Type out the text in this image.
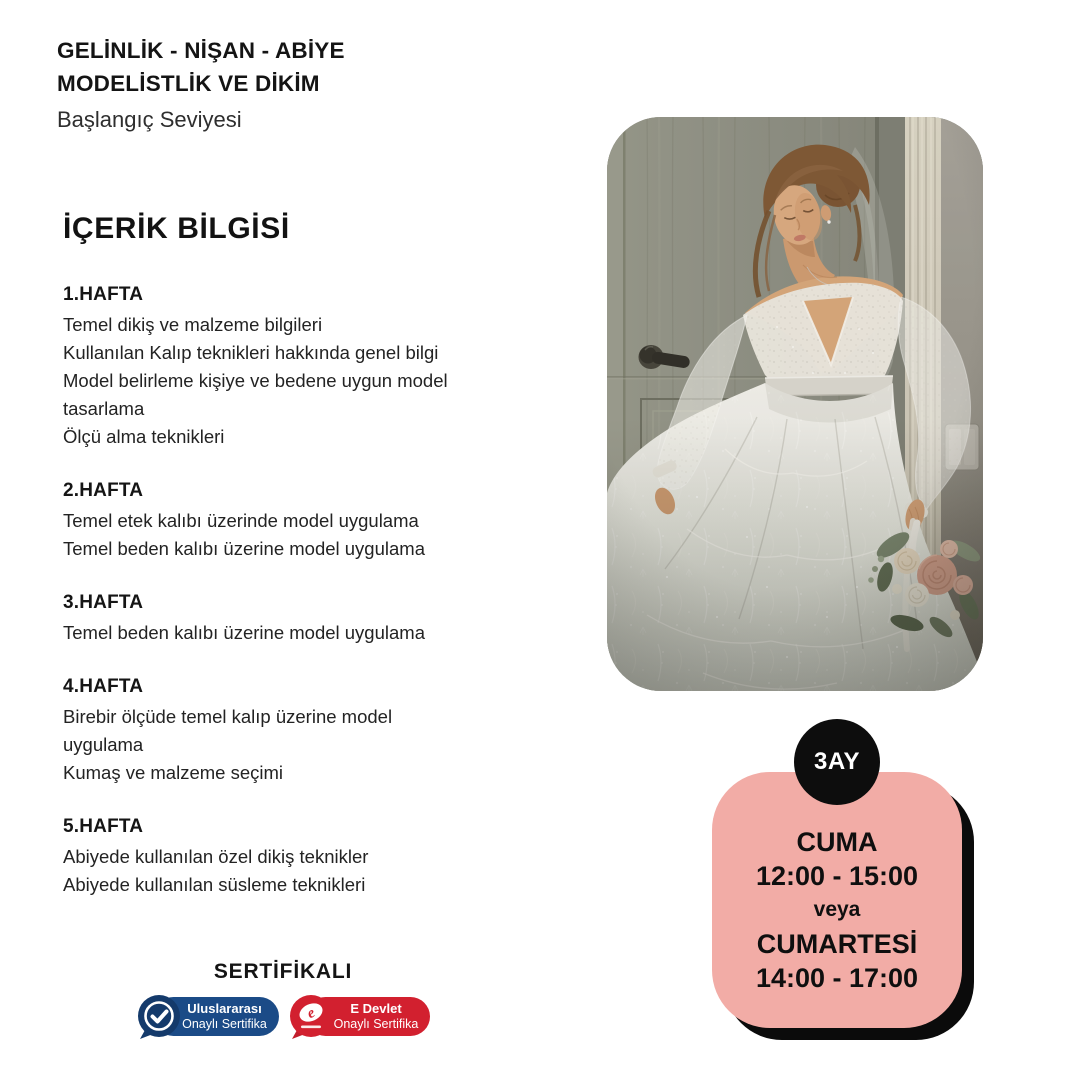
GELİNLİK - NİŞAN - ABİYE
MODELİSTLİK VE DİKİM
Başlangıç Seviyesi
İÇERİK BİLGİSİ
1.HAFTA
Temel dikiş ve malzeme bilgileri
Kullanılan Kalıp teknikleri hakkında genel bilgi
Model belirleme kişiye ve bedene uygun model
tasarlama
Ölçü alma teknikleri
2.HAFTA
Temel etek kalıbı üzerinde model uygulama
Temel beden kalıbı üzerine model uygulama
3.HAFTA
Temel beden kalıbı üzerine model uygulama
4.HAFTA
Birebir ölçüde temel kalıp üzerine model
uygulama
Kumaş ve malzeme seçimi
5.HAFTA
Abiyede kullanılan özel dikiş teknikler
Abiyede kullanılan süsleme teknikleri
3AY
CUMA
12:00 - 15:00
veya
CUMARTESİ
14:00 - 17:00
SERTİFİKALI
Uluslararası
Onaylı Sertifika
e	E Devlet
Onaylı Sertifika
